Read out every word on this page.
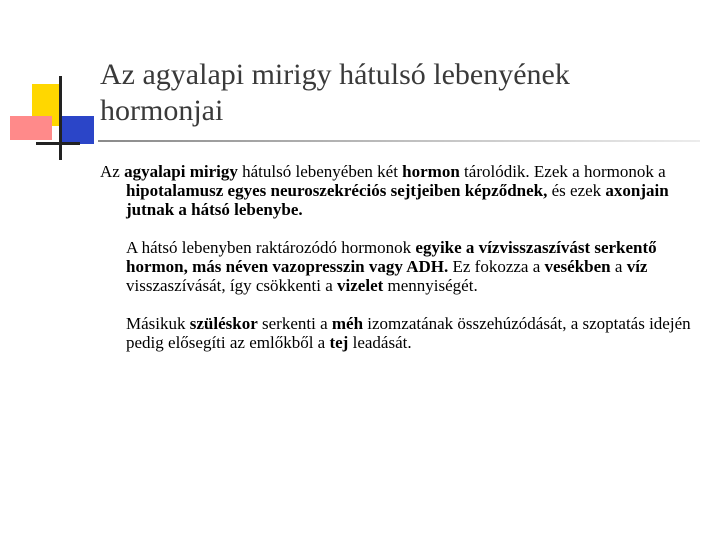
Az agyalapi mirigy hátulsó lebenyének
hormonjai

Az agyalapi mirigy hátulsó lebenyében két hormon tárolódik. Ezek a hormonok a hipotalamusz egyes neuroszekréciós sejtjeiben képződnek, és ezek axonjain jutnak a hátsó lebenybe.

A hátsó lebenyben raktározódó hormonok egyike a vízvisszaszívást serkentő hormon, más néven vazopresszin vagy ADH. Ez fokozza a vesékben a víz visszaszívását, így csökkenti a vizelet mennyiségét.

Másikuk szüléskor serkenti a méh izomzatának összehúzódását, a szoptatás idején pedig elősegíti az emlőkből a tej leadását.
